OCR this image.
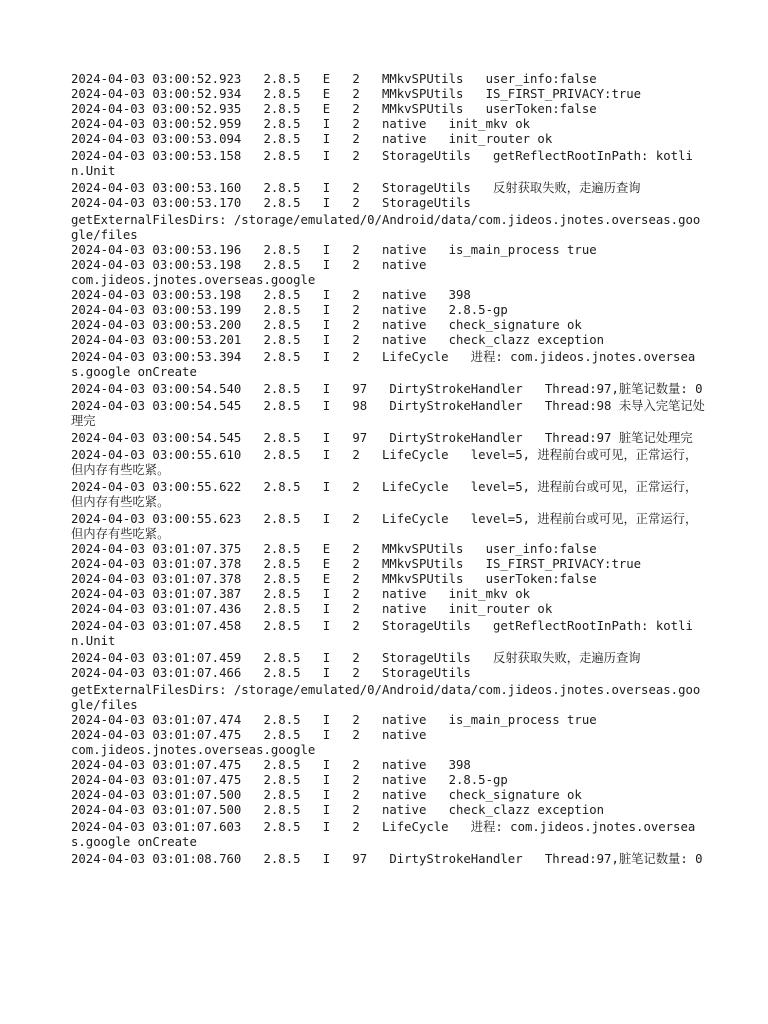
2024-04-03 03:00:52.923   2.8.5   E   2   MMkvSPUtils   user_info:false
2024-04-03 03:00:52.934   2.8.5   E   2   MMkvSPUtils   IS_FIRST_PRIVACY:true
2024-04-03 03:00:52.935   2.8.5   E   2   MMkvSPUtils   userToken:false
2024-04-03 03:00:52.959   2.8.5   I   2   native   init_mkv ok
2024-04-03 03:00:53.094   2.8.5   I   2   native   init_router ok
2024-04-03 03:00:53.158   2.8.5   I   2   StorageUtils   getReflectRootInPath: kotlin.Unit
2024-04-03 03:00:53.160   2.8.5   I   2   StorageUtils   反射获取失败，走遍历查询
2024-04-03 03:00:53.170   2.8.5   I   2   StorageUtils
getExternalFilesDirs: /storage/emulated/0/Android/data/com.jideos.jnotes.overseas.google/files
2024-04-03 03:00:53.196   2.8.5   I   2   native   is_main_process true
2024-04-03 03:00:53.198   2.8.5   I   2   native
com.jideos.jnotes.overseas.google
2024-04-03 03:00:53.198   2.8.5   I   2   native   398
2024-04-03 03:00:53.199   2.8.5   I   2   native   2.8.5-gp
2024-04-03 03:00:53.200   2.8.5   I   2   native   check_signature ok
2024-04-03 03:00:53.201   2.8.5   I   2   native   check_clazz exception
2024-04-03 03:00:53.394   2.8.5   I   2   LifeCycle   进程: com.jideos.jnotes.overseas.google onCreate
2024-04-03 03:00:54.540   2.8.5   I   97   DirtyStrokeHandler   Thread:97,脏笔记数量: 0
2024-04-03 03:00:54.545   2.8.5   I   98   DirtyStrokeHandler   Thread:98 未导入完笔记处理完
2024-04-03 03:00:54.545   2.8.5   I   97   DirtyStrokeHandler   Thread:97 脏笔记处理完
2024-04-03 03:00:55.610   2.8.5   I   2   LifeCycle   level=5, 进程前台或可见，正常运行，但内存有些吃紧。
2024-04-03 03:00:55.622   2.8.5   I   2   LifeCycle   level=5, 进程前台或可见，正常运行，但内存有些吃紧。
2024-04-03 03:00:55.623   2.8.5   I   2   LifeCycle   level=5, 进程前台或可见，正常运行，但内存有些吃紧。
2024-04-03 03:01:07.375   2.8.5   E   2   MMkvSPUtils   user_info:false
2024-04-03 03:01:07.378   2.8.5   E   2   MMkvSPUtils   IS_FIRST_PRIVACY:true
2024-04-03 03:01:07.378   2.8.5   E   2   MMkvSPUtils   userToken:false
2024-04-03 03:01:07.387   2.8.5   I   2   native   init_mkv ok
2024-04-03 03:01:07.436   2.8.5   I   2   native   init_router ok
2024-04-03 03:01:07.458   2.8.5   I   2   StorageUtils   getReflectRootInPath: kotlin.Unit
2024-04-03 03:01:07.459   2.8.5   I   2   StorageUtils   反射获取失败，走遍历查询
2024-04-03 03:01:07.466   2.8.5   I   2   StorageUtils
getExternalFilesDirs: /storage/emulated/0/Android/data/com.jideos.jnotes.overseas.google/files
2024-04-03 03:01:07.474   2.8.5   I   2   native   is_main_process true
2024-04-03 03:01:07.475   2.8.5   I   2   native
com.jideos.jnotes.overseas.google
2024-04-03 03:01:07.475   2.8.5   I   2   native   398
2024-04-03 03:01:07.475   2.8.5   I   2   native   2.8.5-gp
2024-04-03 03:01:07.500   2.8.5   I   2   native   check_signature ok
2024-04-03 03:01:07.500   2.8.5   I   2   native   check_clazz exception
2024-04-03 03:01:07.603   2.8.5   I   2   LifeCycle   进程: com.jideos.jnotes.overseas.google onCreate
2024-04-03 03:01:08.760   2.8.5   I   97   DirtyStrokeHandler   Thread:97,脏笔记数量: 0
